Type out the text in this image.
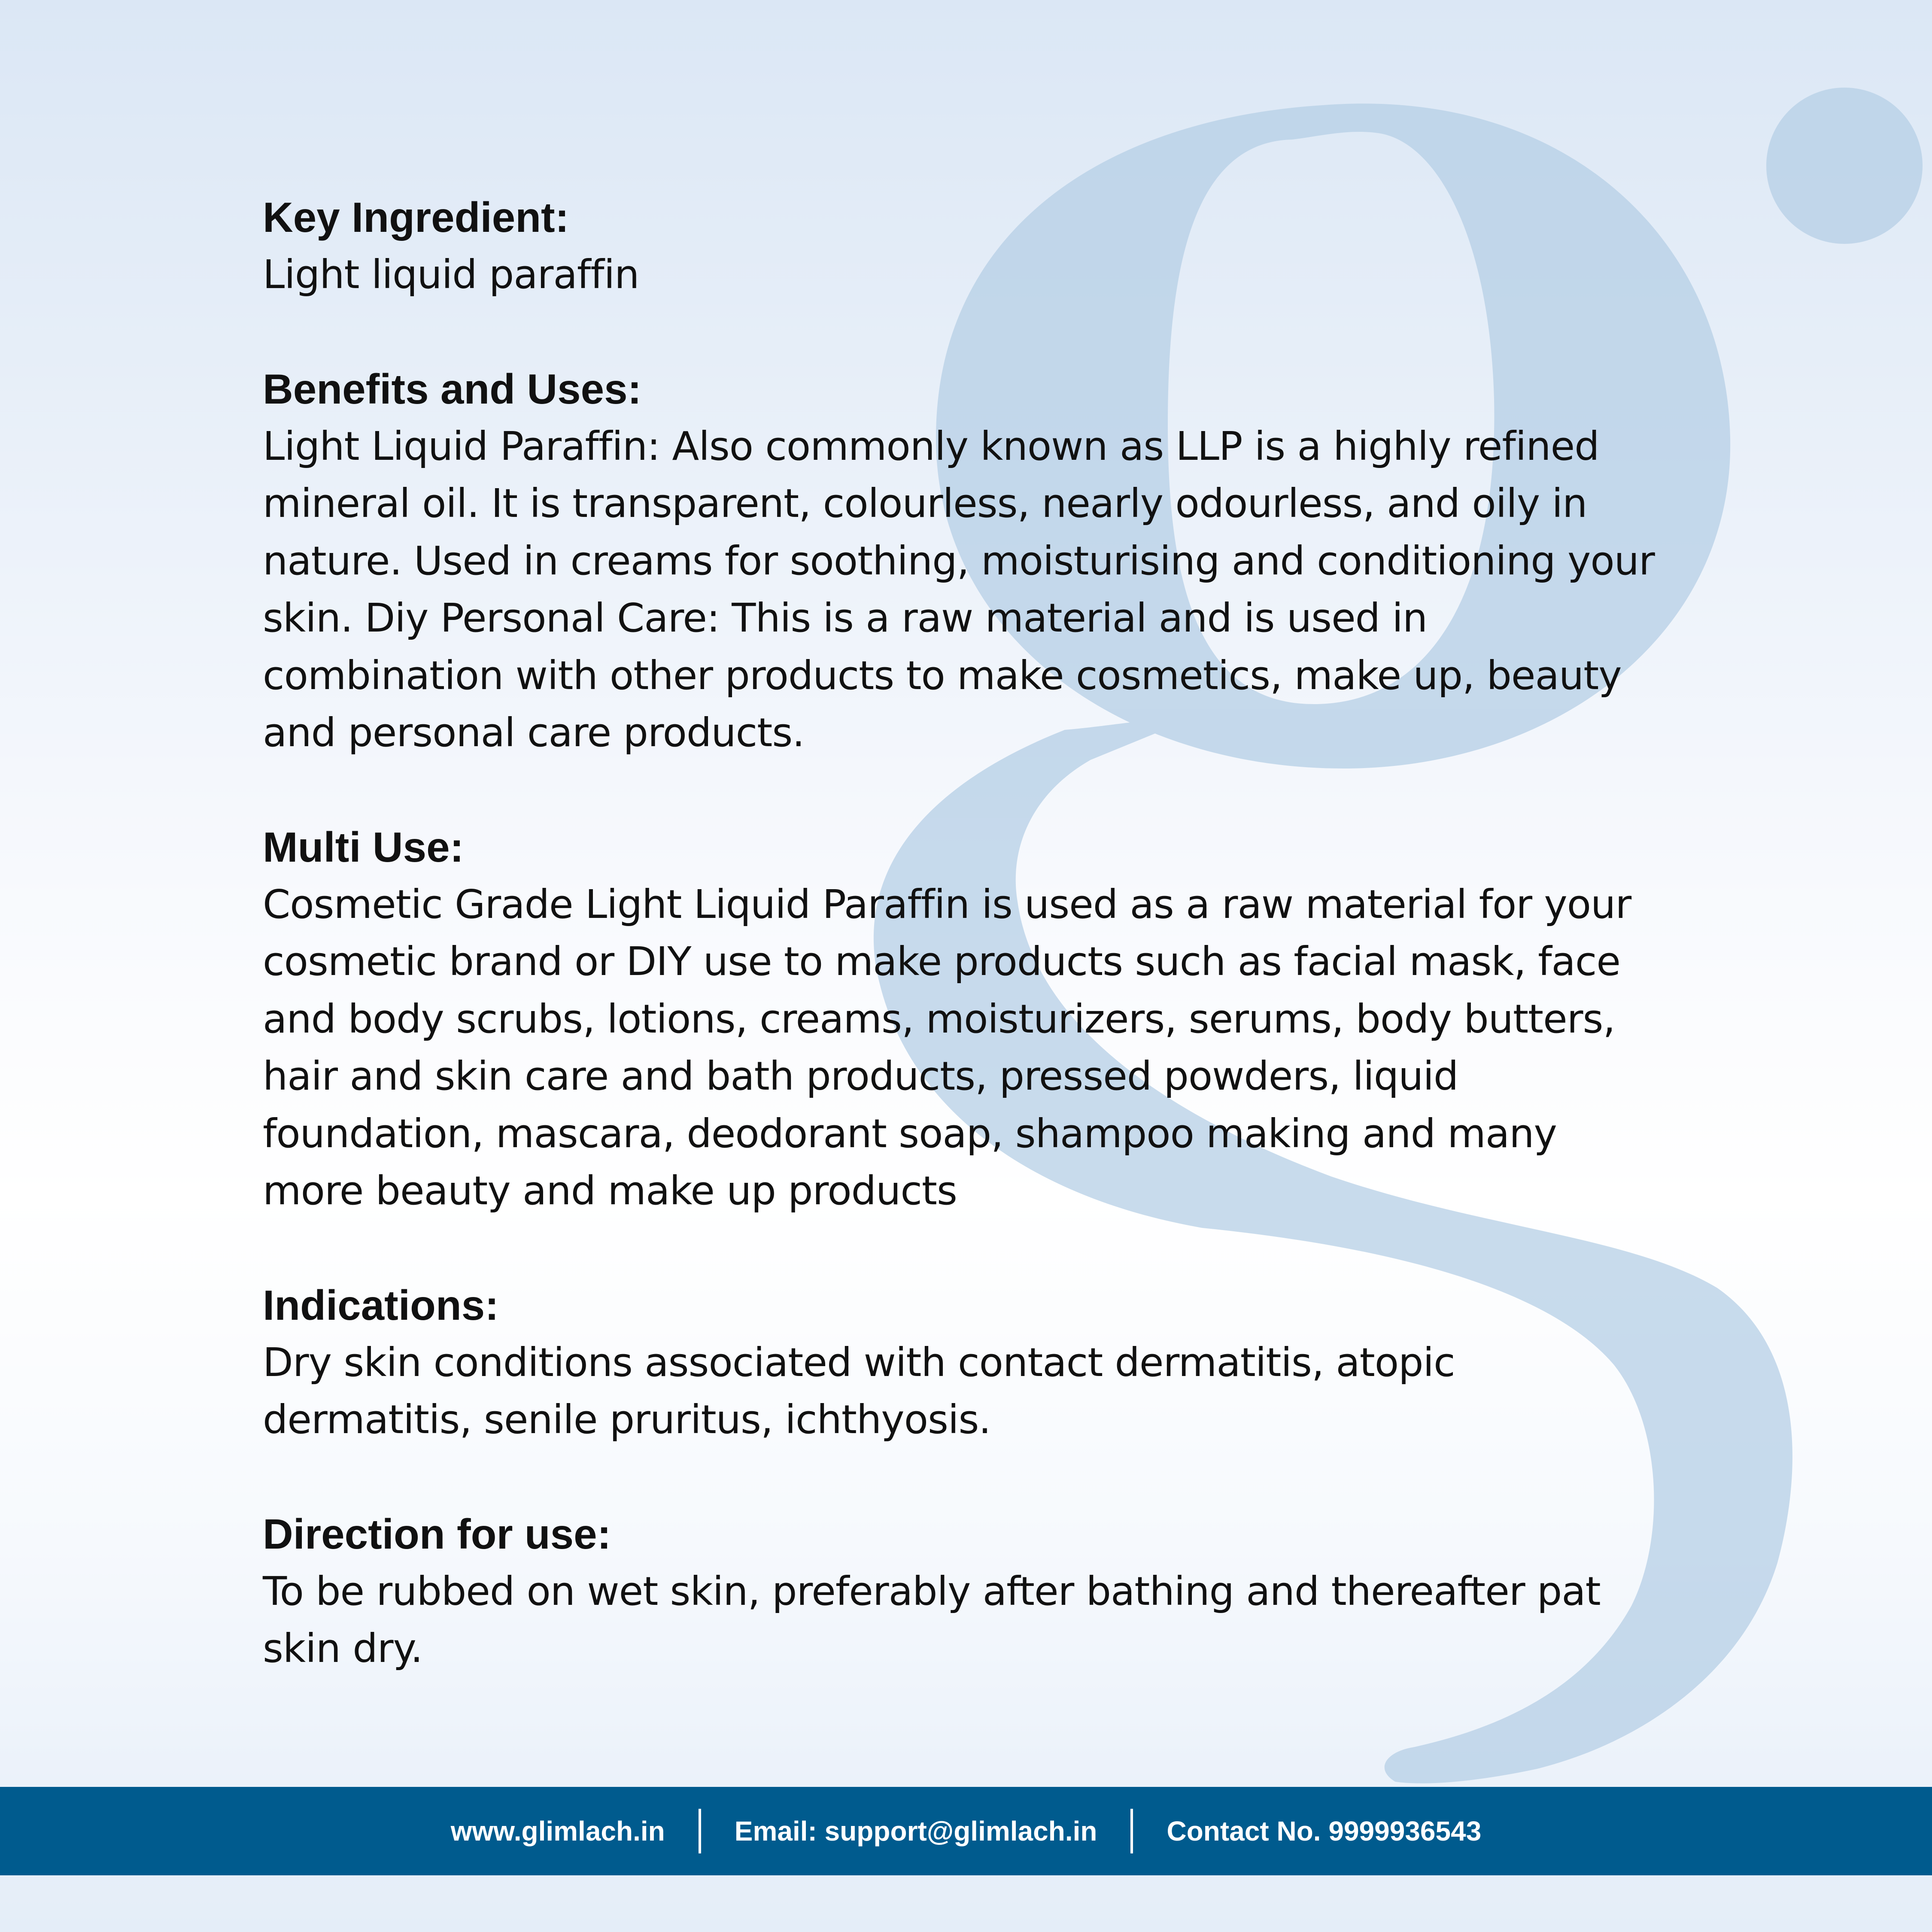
Key Ingredient:

Light liquid paraffin

Benefits and Uses:

Light Liquid Paraffin: Also commonly known as LLP is a highly refined
mineral oil. It is transparent, colourless, nearly odourless, and oily in
nature. Used in creams for soothing, moisturising and conditioning your
skin. Diy Personal Care: This is a raw material and is used in
combination with other products to make cosmetics, make up, beauty
and personal care products.

Multi Use:

Cosmetic Grade Light Liquid Paraffin is used as a raw material for your
cosmetic brand or DIY use to make products such as facial mask, face
and body scrubs, lotions, creams, moisturizers, serums, body butters,
hair and skin care and bath products, pressed powders, liquid
foundation, mascara, deodorant soap, shampoo making and many
more beauty and make up products

Indications:

Dry skin conditions associated with contact dermatitis, atopic
dermatitis, senile pruritus, ichthyosis.

Direction for use:

To be rubbed on wet skin, preferably after bathing and thereafter pat
skin dry.

www.glimlach.in	Email: support@glimlach.in	Contact No. 9999936543
